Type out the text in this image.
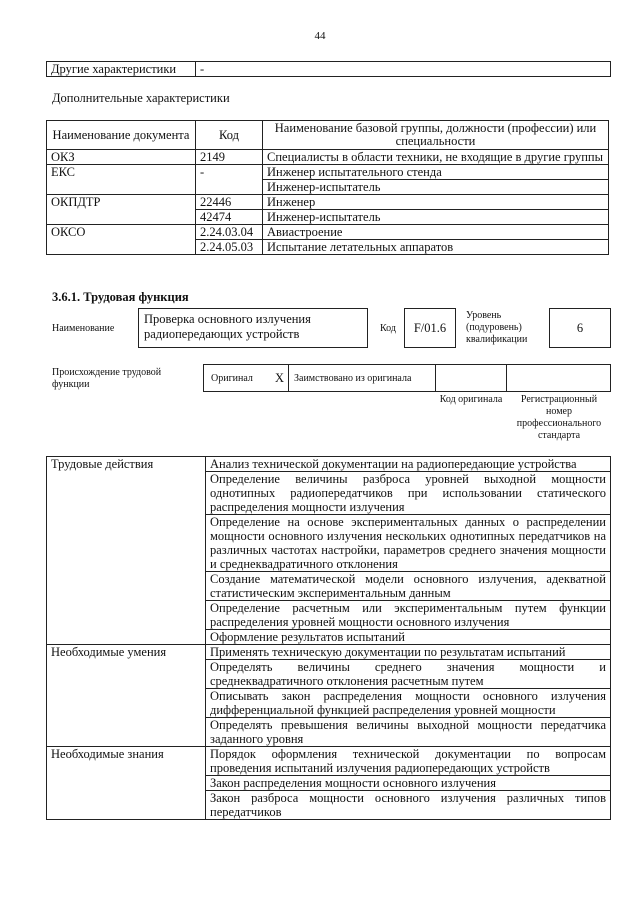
44
Другие характеристики	-
Дополнительные характеристики
Наименование документа	Код	Наименование базовой группы, должности (профессии) или специальности
ОКЗ	2149	Специалисты в области техники, не входящие в другие группы
ЕКС	-	Инженер испытательного стенда
		Инженер-испытатель
ОКПДТР	22446	Инженер
	42474	Инженер-испытатель
ОКСО	2.24.03.04	Авиастроение
	2.24.05.03	Испытание летательных аппаратов
3.6.1. Трудовая функция
Наименование
Проверка основного излучения радиопередающих устройств	Код	F/01.6
Уровень (подуровень) квалификации
6
Происхождение трудовой функции
Оригинал X Заимствовано из оригинала
Код оригинала	Регистрационный номер профессионального стандарта
Трудовые действия	Анализ технической документации на радиопередающие устройства
	Определение величины разброса уровней выходной мощности однотипных радиопередатчиков при использовании статического распределения мощности излучения
	Определение на основе экспериментальных данных о распределении мощности основного излучения нескольких однотипных передатчиков на различных частотах настройки, параметров среднего значения мощности и среднеквадратичного отклонения
	Создание математической модели основного излучения, адекватной статистическим экспериментальным данным
	Определение расчетным или экспериментальным путем функции распределения уровней мощности основного излучения
	Оформление результатов испытаний
Необходимые умения	Применять техническую документации по результатам испытаний
	Определять величины среднего значения мощности и среднеквадратичного отклонения расчетным путем
	Описывать закон распределения мощности основного излучения дифференциальной функцией распределения уровней мощности
	Определять превышения величины выходной мощности передатчика заданного уровня
Необходимые знания	Порядок оформления технической документации по вопросам проведения испытаний излучения радиопередающих устройств
	Закон распределения мощности основного излучения
	Закон разброса мощности основного излучения различных типов передатчиков
